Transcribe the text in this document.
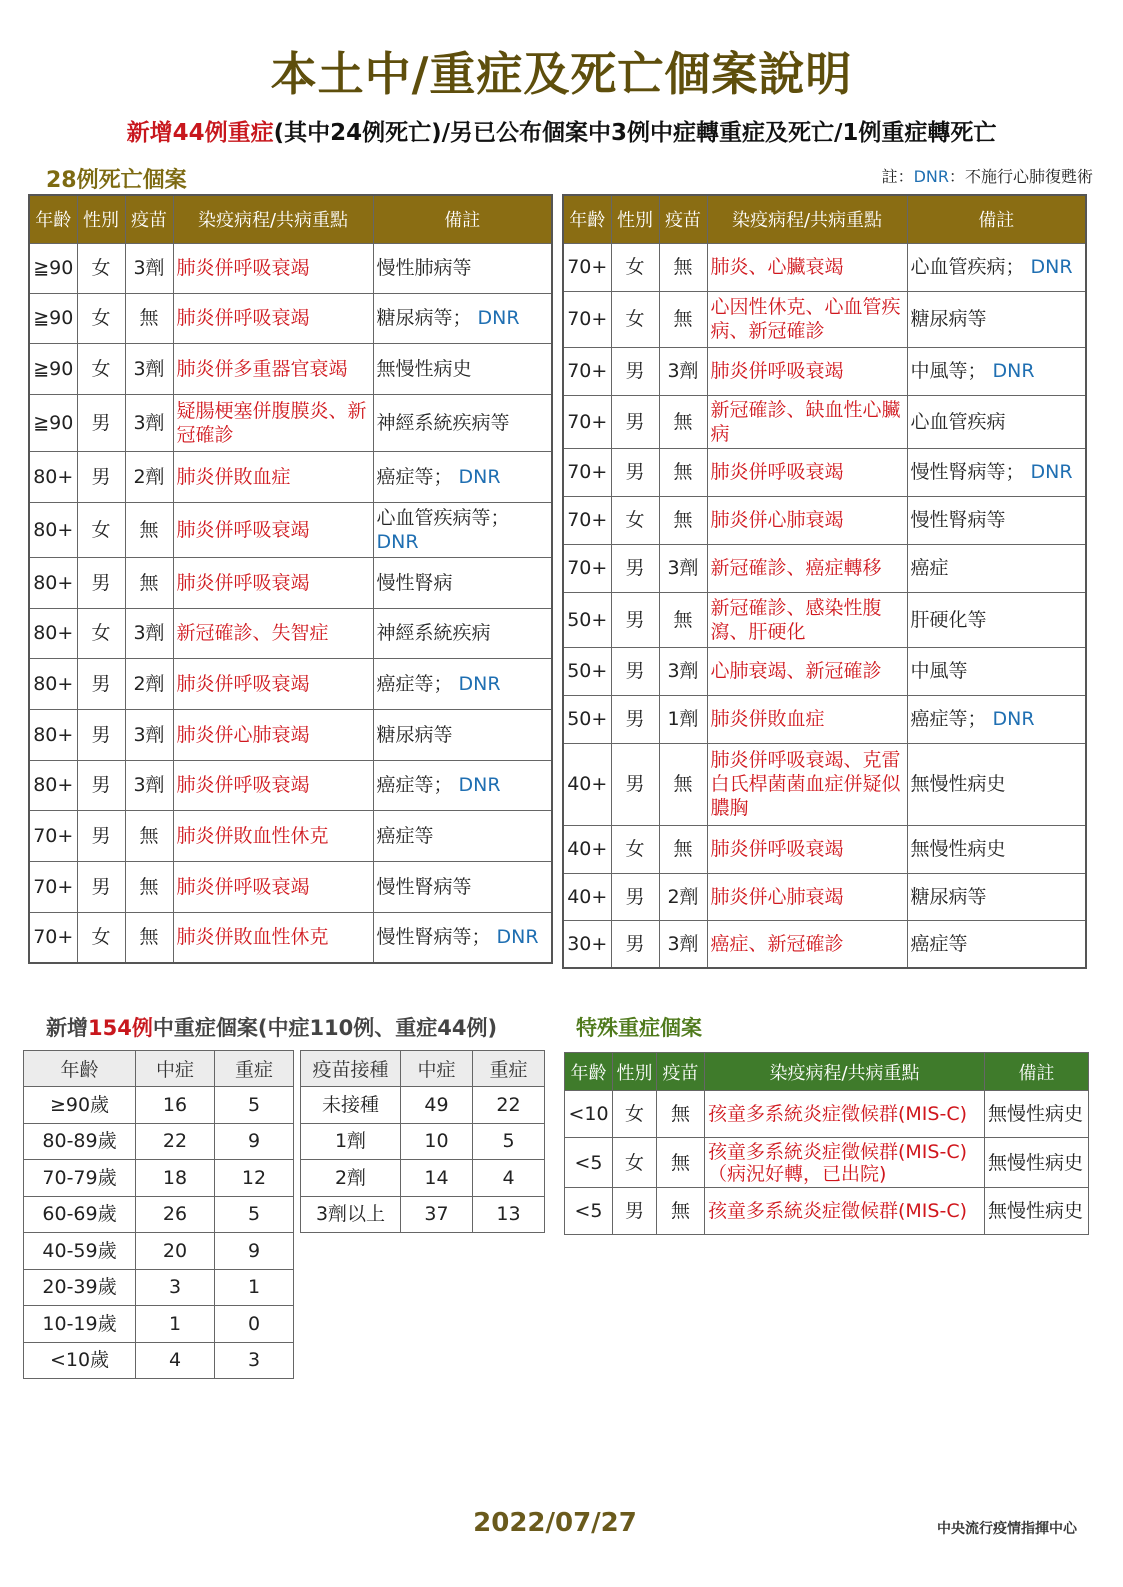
本土中/重症及死亡個案說明
新增44例重症(其中24例死亡)/另已公布個案中3例中症轉重症及死亡/1例重症轉死亡
28例死亡個案	註：DNR：不施行心肺復甦術
年齡	性別	疫苗	染疫病程/共病重點	備註
≧90	女	3劑	肺炎併呼吸衰竭	慢性肺病等
≧90	女	無	肺炎併呼吸衰竭	糖尿病等； DNR
≧90	女	3劑	肺炎併多重器官衰竭	無慢性病史
≧90	男	3劑	疑腸梗塞併腹膜炎、新冠確診	神經系統疾病等
80+	男	2劑	肺炎併敗血症	癌症等； DNR
80+	女	無	肺炎併呼吸衰竭	心血管疾病等； DNR
80+	男	無	肺炎併呼吸衰竭	慢性腎病
80+	女	3劑	新冠確診、失智症	神經系統疾病
80+	男	2劑	肺炎併呼吸衰竭	癌症等； DNR
80+	男	3劑	肺炎併心肺衰竭	糖尿病等
80+	男	3劑	肺炎併呼吸衰竭	癌症等； DNR
70+	男	無	肺炎併敗血性休克	癌症等
70+	男	無	肺炎併呼吸衰竭	慢性腎病等
70+	女	無	肺炎併敗血性休克	慢性腎病等； DNR
年齡	性別	疫苗	染疫病程/共病重點	備註
70+	女	無	肺炎、心臟衰竭	心血管疾病； DNR
70+	女	無	心因性休克、心血管疾病、新冠確診	糖尿病等
70+	男	3劑	肺炎併呼吸衰竭	中風等； DNR
70+	男	無	新冠確診、缺血性心臟病	心血管疾病
70+	男	無	肺炎併呼吸衰竭	慢性腎病等； DNR
70+	女	無	肺炎併心肺衰竭	慢性腎病等
70+	男	3劑	新冠確診、癌症轉移	癌症
50+	男	無	新冠確診、感染性腹瀉、肝硬化	肝硬化等
50+	男	3劑	心肺衰竭、新冠確診	中風等
50+	男	1劑	肺炎併敗血症	癌症等； DNR
40+	男	無	肺炎併呼吸衰竭、克雷白氏桿菌菌血症併疑似膿胸	無慢性病史
40+	女	無	肺炎併呼吸衰竭	無慢性病史
40+	男	2劑	肺炎併心肺衰竭	糖尿病等
30+	男	3劑	癌症、新冠確診	癌症等
新增154例中重症個案(中症110例、重症44例)	特殊重症個案
年齡	中症	重症
≥90歲	16	5
80-89歲	22	9
70-79歲	18	12
60-69歲	26	5
40-59歲	20	9
20-39歲	3	1
10-19歲	1	0
<10歲	4	3
疫苗接種	中症	重症
未接種	49	22
1劑	10	5
2劑	14	4
3劑以上	37	13
年齡	性別	疫苗	染疫病程/共病重點	備註
<10	女	無	孩童多系統炎症徵候群(MIS-C)	無慢性病史
<5	女	無	孩童多系統炎症徵候群(MIS-C)（病況好轉，已出院)	無慢性病史
<5	男	無	孩童多系統炎症徵候群(MIS-C)	無慢性病史
2022/07/27	中央流行疫情指揮中心
